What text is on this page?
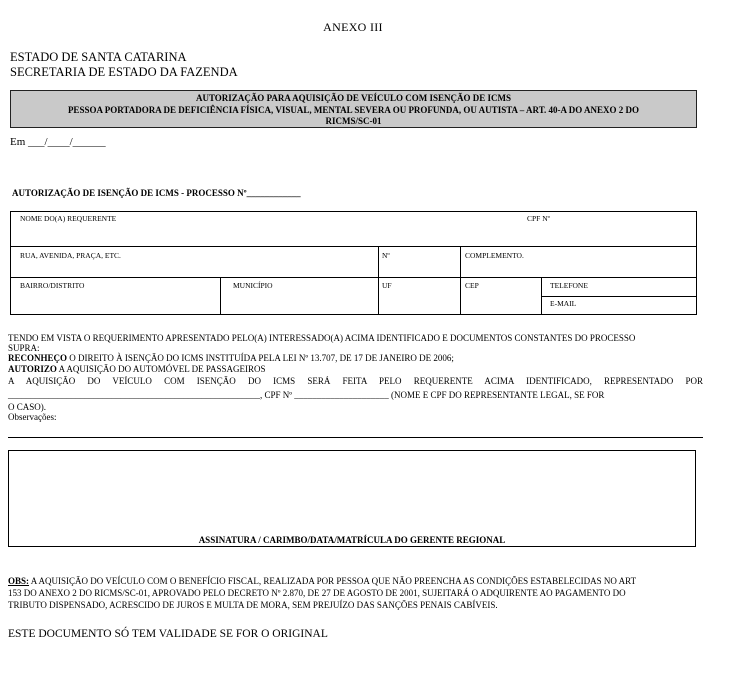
ANEXO III
ESTADO DE SANTA CATARINA
SECRETARIA DE ESTADO DA FAZENDA
AUTORIZAÇÃO PARA AQUISIÇÃO DE VEÍCULO COM ISENÇÃO DE ICMS
PESSOA PORTADORA DE DEFICIÊNCIA FÍSICA, VISUAL, MENTAL SEVERA OU PROFUNDA, OU AUTISTA – ART. 40-A DO ANEXO 2 DO
RICMS/SC-01
Em ___/____/______
AUTORIZAÇÃO DE ISENÇÃO DE ICMS - PROCESSO Nº____________
NOME DO(A) REQUERENTE	CPF Nº
RUA, AVENIDA, PRAÇA, ETC.	Nº	COMPLEMENTO.
BAIRRO/DISTRITO	MUNICÍPIO	UF	CEP	TELEFONE
E-MAIL
TENDO EM VISTA O REQUERIMENTO APRESENTADO PELO(A) INTERESSADO(A) ACIMA IDENTIFICADO E DOCUMENTOS CONSTANTES DO PROCESSO
SUPRA:
RECONHEÇO O DIREITO À ISENÇÃO DO ICMS INSTITUÍDA PELA LEI Nº 13.707, DE 17 DE JANEIRO DE 2006;
AUTORIZO A AQUISIÇÃO DO AUTOMÓVEL DE PASSAGEIROS
A AQUISIÇÃO DO VEÍCULO COM ISENÇÃO DO ICMS SERÁ FEITA PELO REQUERENTE ACIMA IDENTIFICADO, REPRESENTADO POR
________________________________________________________, CPF Nº _____________________ (NOME E CPF DO REPRESENTANTE LEGAL, SE FOR
O CASO).
Observações:
ASSINATURA / CARIMBO/DATA/MATRÍCULA DO GERENTE REGIONAL
OBS: A AQUISIÇÃO DO VEÍCULO COM O BENEFÍCIO FISCAL, REALIZADA POR PESSOA QUE NÃO PREENCHA AS CONDIÇÕES ESTABELECIDAS NO ART
153 DO ANEXO 2 DO RICMS/SC-01, APROVADO PELO DECRETO Nº 2.870, DE 27 DE AGOSTO DE 2001, SUJEITARÁ O ADQUIRENTE AO PAGAMENTO DO
TRIBUTO DISPENSADO, ACRESCIDO DE JUROS E MULTA DE MORA, SEM PREJUÍZO DAS SANÇÕES PENAIS CABÍVEIS.
ESTE DOCUMENTO SÓ TEM VALIDADE SE FOR O ORIGINAL
